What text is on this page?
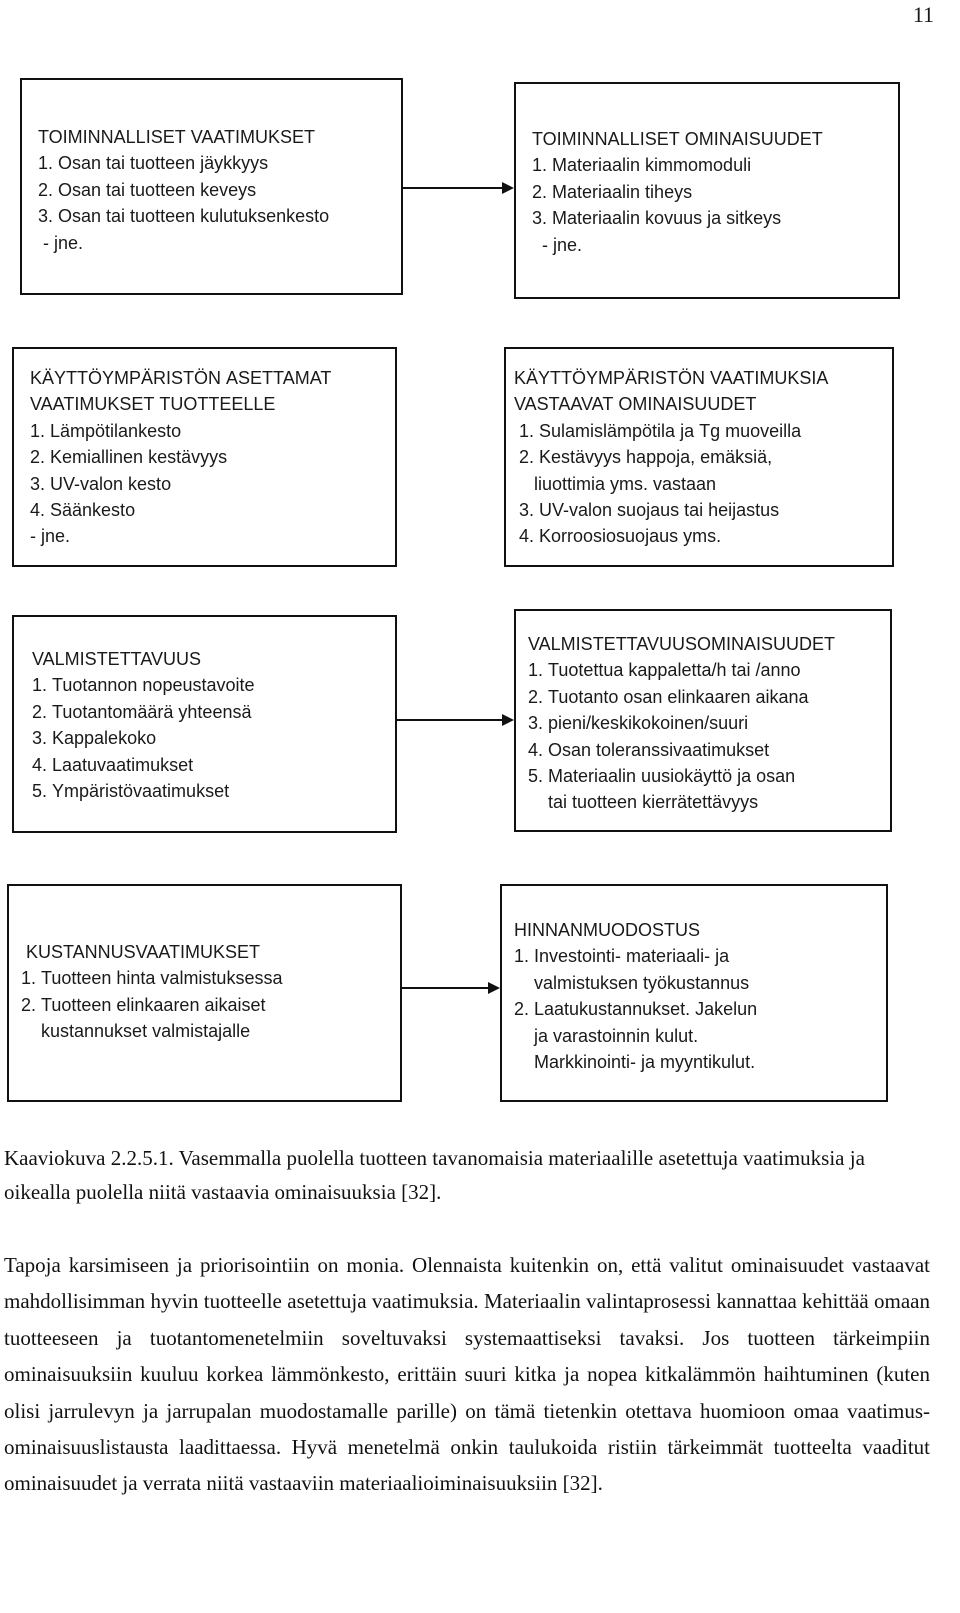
11
TOIMINNALLISET VAATIMUKSET
1. Osan tai tuotteen jäykkyys
2. Osan tai tuotteen keveys
3. Osan tai tuotteen kulutuksenkesto
- jne.
TOIMINNALLISET OMINAISUUDET
1. Materiaalin kimmomoduli
2. Materiaalin tiheys
3. Materiaalin kovuus ja sitkeys
- jne.
KÄYTTÖYMPÄRISTÖN ASETTAMAT
VAATIMUKSET TUOTTEELLE
1. Lämpötilankesto
2. Kemiallinen kestävyys
3. UV-valon kesto
4. Säänkesto
- jne.
KÄYTTÖYMPÄRISTÖN VAATIMUKSIA
VASTAAVAT OMINAISUUDET
1. Sulamislämpötila ja Tg muoveilla
2. Kestävyys happoja, emäksiä,
liuottimia yms. vastaan
3. UV-valon suojaus tai heijastus
4. Korroosiosuojaus yms.
VALMISTETTAVUUS
1. Tuotannon nopeustavoite
2. Tuotantomäärä yhteensä
3. Kappalekoko
4. Laatuvaatimukset
5. Ympäristövaatimukset
VALMISTETTAVUUSOMINAISUUDET
1. Tuotettua kappaletta/h tai /anno
2. Tuotanto osan elinkaaren aikana
3. pieni/keskikokoinen/suuri
4. Osan toleranssivaatimukset
5. Materiaalin uusiokäyttö ja osan
tai tuotteen kierrätettävyys
KUSTANNUSVAATIMUKSET
1. Tuotteen hinta valmistuksessa
2. Tuotteen elinkaaren aikaiset
kustannukset valmistajalle
HINNANMUODOSTUS
1. Investointi- materiaali- ja
valmistuksen työkustannus
2. Laatukustannukset. Jakelun
ja varastoinnin kulut.
Markkinointi- ja myyntikulut.
Kaaviokuva 2.2.5.1. Vasemmalla puolella tuotteen tavanomaisia materiaalille asetettuja vaatimuksia ja oikealla puolella niitä vastaavia ominaisuuksia [32].

Tapoja karsimiseen ja priorisointiin on monia. Olennaista kuitenkin on, että valitut ominaisuudet vastaavat mahdollisimman hyvin tuotteelle asetettuja vaatimuksia. Materiaalin valintaprosessi kannattaa kehittää omaan tuotteeseen ja tuotantomenetelmiin soveltuvaksi systemaattiseksi tavaksi. Jos tuotteen tärkeimpiin ominaisuuksiin kuuluu korkea lämmönkesto, erittäin suuri kitka ja nopea kitkalämmön haihtuminen (kuten olisi jarrulevyn ja jarrupalan muodostamalle parille) on tämä tietenkin otettava huomioon omaa vaatimus-ominaisuuslistausta laadittaessa. Hyvä menetelmä onkin taulukoida ristiin tärkeimmät tuotteelta vaaditut ominaisuudet ja verrata niitä vastaaviin materiaalioiminaisuuksiin [32].
